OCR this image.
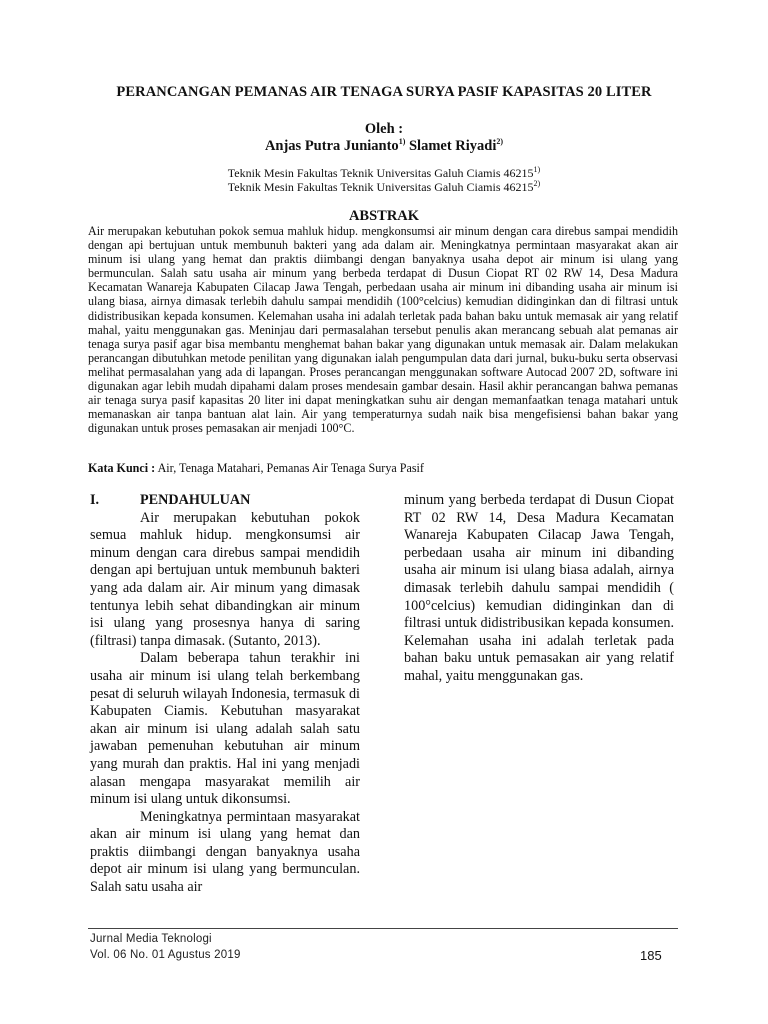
PERANCANGAN PEMANAS AIR TENAGA SURYA PASIF KAPASITAS 20 LITER
Oleh :
Anjas Putra Junianto$^{1)}$ Slamet Riyadi$^{2)}$
Teknik Mesin Fakultas Teknik Universitas Galuh Ciamis 46215$^{1)}$
Teknik Mesin Fakultas Teknik Universitas Galuh Ciamis 46215$^{2)}$
ABSTRAK
Air merupakan kebutuhan pokok semua mahluk hidup. mengkonsumsi air minum dengan cara direbus sampai mendidih dengan api bertujuan untuk membunuh bakteri yang ada dalam air. Meningkatnya permintaan masyarakat akan air minum isi ulang yang hemat dan praktis diimbangi dengan banyaknya usaha depot air minum isi ulang yang bermunculan. Salah satu usaha air minum yang berbeda terdapat di Dusun Ciopat RT 02 RW 14, Desa Madura Kecamatan Wanareja Kabupaten Cilacap Jawa Tengah, perbedaan usaha air minum ini dibanding usaha air minum isi ulang biasa, airnya dimasak terlebih dahulu sampai mendidih (100°celcius) kemudian didinginkan dan di filtrasi untuk didistribusikan kepada konsumen. Kelemahan usaha ini adalah terletak pada bahan baku untuk memasak air yang relatif mahal, yaitu menggunakan gas. Meninjau dari permasalahan tersebut penulis akan merancang sebuah alat pemanas air tenaga surya pasif agar bisa membantu menghemat bahan bakar yang digunakan untuk memasak air. Dalam melakukan perancangan dibutuhkan metode penilitan yang digunakan ialah pengumpulan data dari jurnal, buku-buku serta observasi melihat permasalahan yang ada di lapangan. Proses perancangan menggunakan software Autocad 2007 2D, software ini digunakan agar lebih mudah dipahami dalam proses mendesain gambar desain. Hasil akhir perancangan bahwa pemanas air tenaga surya pasif kapasitas 20 liter ini dapat meningkatkan suhu air dengan memanfaatkan tenaga matahari untuk memanaskan air tanpa bantuan alat lain. Air yang temperaturnya sudah naik bisa mengefisiensi bahan bakar yang digunakan untuk proses pemasakan air menjadi 100°C.
Kata Kunci : Air, Tenaga Matahari, Pemanas Air Tenaga Surya Pasif
I.	PENDAHULUAN

Air merupakan kebutuhan pokok semua mahluk hidup. mengkonsumsi air minum dengan cara direbus sampai mendidih dengan api bertujuan untuk membunuh bakteri yang ada dalam air. Air minum yang dimasak tentunya lebih sehat dibandingkan air minum isi ulang yang prosesnya hanya di saring (filtrasi) tanpa dimasak. (Sutanto, 2013).

Dalam beberapa tahun terakhir ini usaha air minum isi ulang telah berkembang pesat di seluruh wilayah Indonesia, termasuk di Kabupaten Ciamis. Kebutuhan masyarakat akan air minum isi ulang adalah salah satu jawaban pemenuhan kebutuhan air minum yang murah dan praktis. Hal ini yang menjadi alasan mengapa masyarakat memilih air minum isi ulang untuk dikonsumsi.

Meningkatnya permintaan masyarakat akan air minum isi ulang yang hemat dan praktis diimbangi dengan banyaknya usaha depot air minum isi ulang yang bermunculan. Salah satu usaha air

minum yang berbeda terdapat di Dusun Ciopat RT 02 RW 14, Desa Madura Kecamatan Wanareja Kabupaten Cilacap Jawa Tengah, perbedaan usaha air minum ini dibanding usaha air minum isi ulang biasa adalah, airnya dimasak terlebih dahulu sampai mendidih ( 100°celcius) kemudian didinginkan dan di filtrasi untuk didistribusikan kepada konsumen. Kelemahan usaha ini adalah terletak pada bahan baku untuk pemasakan air yang relatif mahal, yaitu menggunakan gas.

Jurnal Media Teknologi
Vol. 06 No. 01 Agustus 2019	185
